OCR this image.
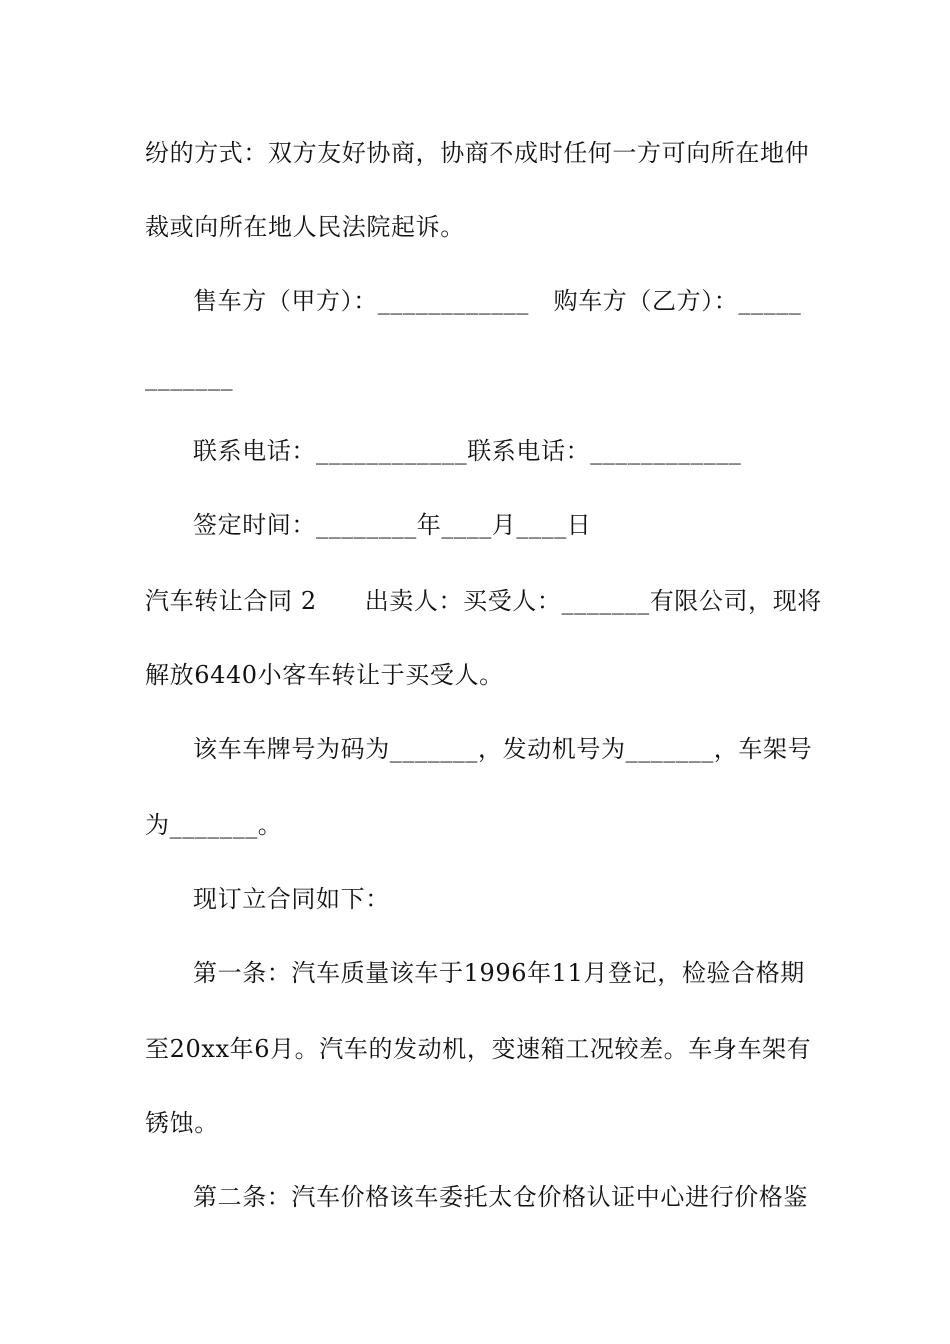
纷的方式：双方友好协商，协商不成时任何一方可向所在地仲
裁或向所在地人民法院起诉。
售车方（甲方）：____________　购车方（乙方）：_____
_______
联系电话：____________联系电话：____________
签定时间：________年____月____日
汽车转让合同 2 出卖人：买受人：_______有限公司，现将
解放6440小客车转让于买受人。
该车车牌号为码为_______，发动机号为_______，车架号
为_______。
现订立合同如下：
第一条：汽车质量该车于1996年11月登记，检验合格期
至20xx年6月。汽车的发动机，变速箱工况较差。车身车架有
锈蚀。
第二条：汽车价格该车委托太仓价格认证中心进行价格鉴
